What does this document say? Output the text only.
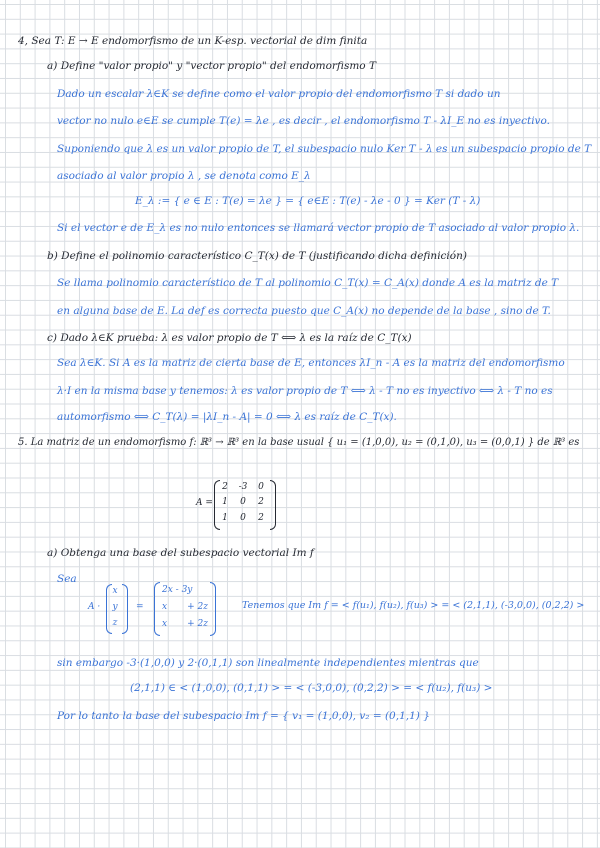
4, Sea T: E → E endomorfismo de un K-esp. vectorial de dim finita
a) Define "valor propio" y "vector propio" del endomorfismo T
Dado un escalar λ∈K se define como el valor propio del endomorfismo T si dado un
vector no nulo e∈E se cumple T(e) = λe , es decir , el endomorfismo T - λI_E no es inyectivo.
Suponiendo que λ es un valor propio de T, el subespacio nulo Ker T - λ es un subespacio propio de T
asociado al valor propio λ , se denota como E_λ
E_λ := { e ∈ E : T(e) = λe } = { e∈E : T(e) - λe - 0 } = Ker (T - λ)
Si el vector e de E_λ es no nulo entonces se llamará vector propio de T asociado al valor propio λ.
b) Define el polinomio característico C_T(x) de T (justificando dicha definición)
Se llama polinomio característico de T al polinomio C_T(x) = C_A(x) donde A es la matriz de T
en alguna base de E. La def es correcta puesto que C_A(x) no depende de la base , sino de T.
c) Dado λ∈K prueba: λ es valor propio de T ⟺ λ es la raíz de C_T(x)
Sea λ∈K. Si A es la matriz de cierta base de E, entonces λI_n - A es la matriz del endomorfismo
λ·I en la misma base y tenemos: λ es valor propio de T ⟺ λ - T no es inyectivo ⟺ λ - T no es
automorfismo ⟺ C_T(λ) = |λI_n - A| = 0 ⟺ λ es raíz de C_T(x).
5. La matriz de un endomorfismo f: ℝ³ → ℝ³ en la base usual { u₁ = (1,0,0), u₂ = (0,1,0), u₃ = (0,0,1) } de ℝ³ es
A =
2	-3	0
1	0	2
1	0	2
a) Obtenga una base del subespacio vectorial Im f
Sea
A ·
x
y
z
=
2x - 3y
x       + 2z
x       + 2z
Tenemos que Im f = < f(u₁), f(u₂), f(u₃) > = < (2,1,1), (-3,0,0), (0,2,2) >
sin embargo -3·(1,0,0) y 2·(0,1,1) son linealmente independientes mientras que
(2,1,1) ∈ < (1,0,0), (0,1,1) > = < (-3,0,0), (0,2,2) > = < f(u₂), f(u₃) >
Por lo tanto la base del subespacio Im f = { v₁ = (1,0,0), v₂ = (0,1,1) }
